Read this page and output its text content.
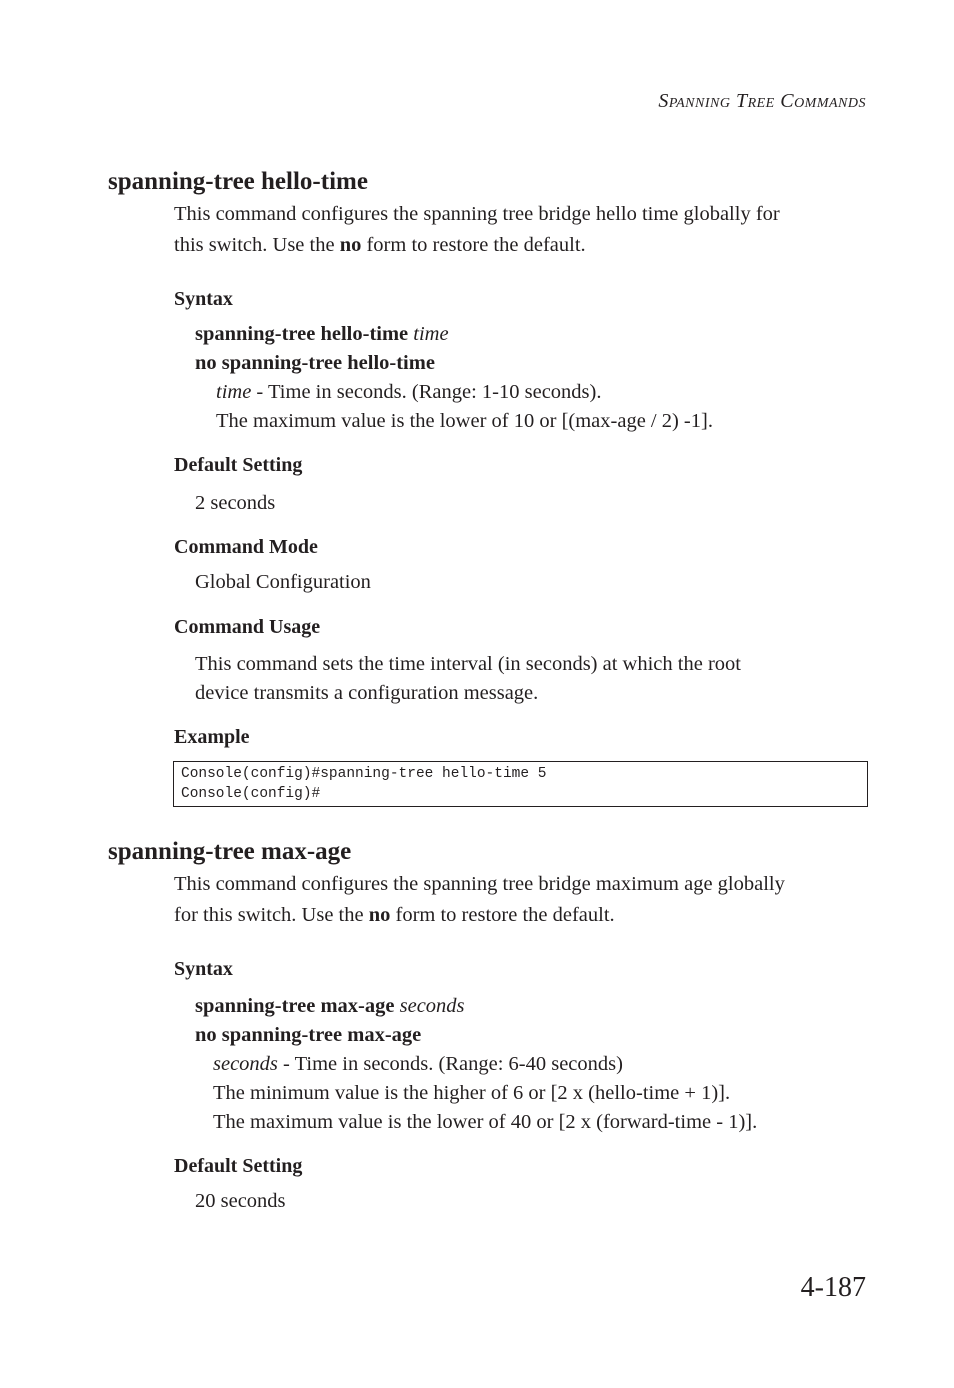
Spanning Tree Commands
spanning-tree hello-time
This command configures the spanning tree bridge hello time globally for
this switch. Use the no form to restore the default.
Syntax
spanning-tree hello-time time
no spanning-tree hello-time
time - Time in seconds. (Range: 1-10 seconds).
The maximum value is the lower of 10 or [(max-age / 2) -1].
Default Setting
2 seconds
Command Mode
Global Configuration
Command Usage
This command sets the time interval (in seconds) at which the root
device transmits a configuration message.
Example
Console(config)#spanning-tree hello-time 5
Console(config)#
spanning-tree max-age
This command configures the spanning tree bridge maximum age globally
for this switch. Use the no form to restore the default.
Syntax
spanning-tree max-age seconds
no spanning-tree max-age
seconds - Time in seconds. (Range: 6-40 seconds)
The minimum value is the higher of 6 or [2 x (hello-time + 1)].
The maximum value is the lower of 40 or [2 x (forward-time - 1)].
Default Setting
20 seconds
4-187
